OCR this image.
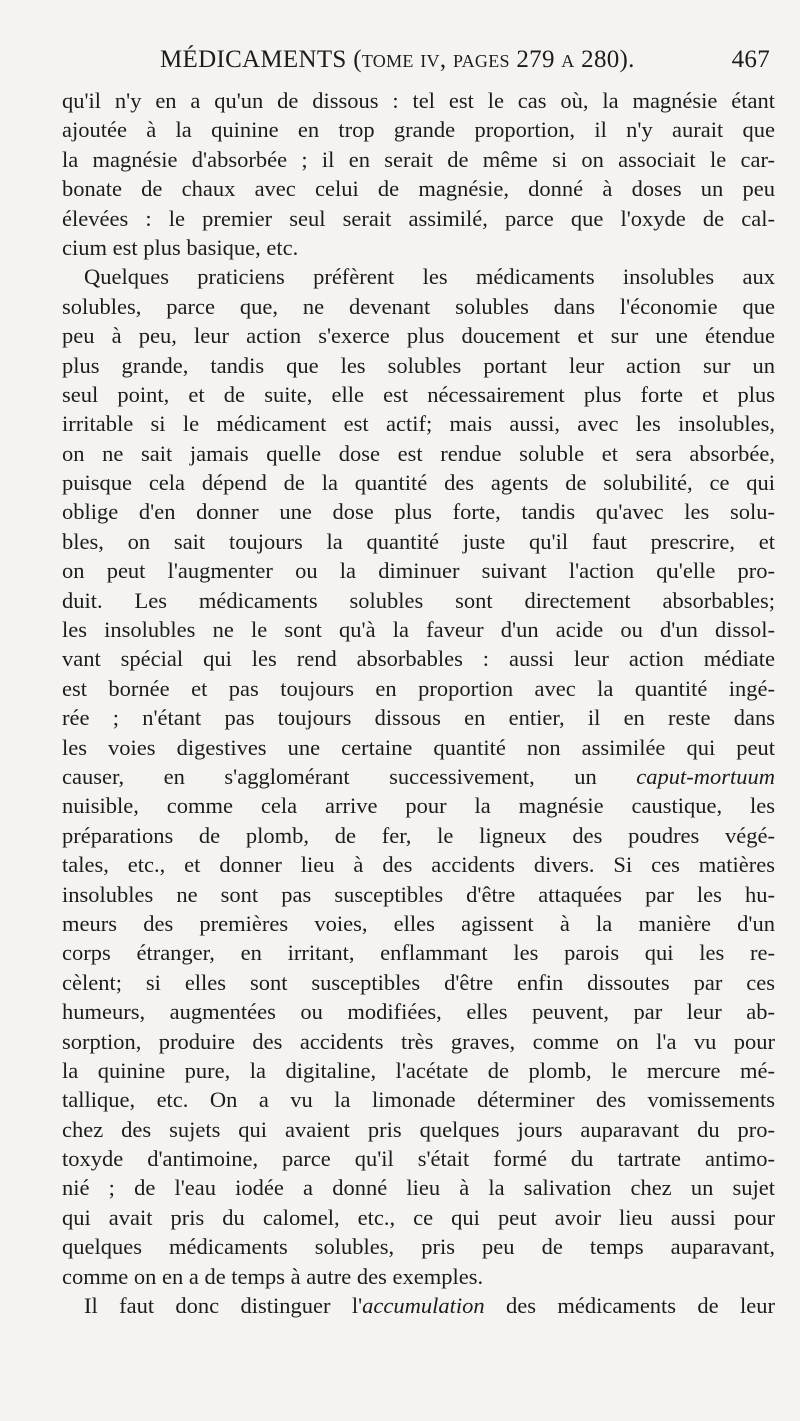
MÉDICAMENTS (tome iv, pages 279 a 280).	467
qu'il n'y en a qu'un de dissous : tel est le cas où, la magnésie étant
ajoutée à la quinine en trop grande proportion, il n'y aurait que
la magnésie d'absorbée ; il en serait de même si on associait le car-
bonate de chaux avec celui de magnésie, donné à doses un peu
élevées : le premier seul serait assimilé, parce que l'oxyde de cal-
cium est plus basique, etc.
Quelques praticiens préfèrent les médicaments insolubles aux
solubles, parce que, ne devenant solubles dans l'économie que
peu à peu, leur action s'exerce plus doucement et sur une étendue
plus grande, tandis que les solubles portant leur action sur un
seul point, et de suite, elle est nécessairement plus forte et plus
irritable si le médicament est actif; mais aussi, avec les insolubles,
on ne sait jamais quelle dose est rendue soluble et sera absorbée,
puisque cela dépend de la quantité des agents de solubilité, ce qui
oblige d'en donner une dose plus forte, tandis qu'avec les solu-
bles, on sait toujours la quantité juste qu'il faut prescrire, et
on peut l'augmenter ou la diminuer suivant l'action qu'elle pro-
duit. Les médicaments solubles sont directement absorbables;
les insolubles ne le sont qu'à la faveur d'un acide ou d'un dissol-
vant spécial qui les rend absorbables : aussi leur action médiate
est bornée et pas toujours en proportion avec la quantité ingé-
rée ; n'étant pas toujours dissous en entier, il en reste dans
les voies digestives une certaine quantité non assimilée qui peut
causer, en s'agglomérant successivement, un caput-mortuum
nuisible, comme cela arrive pour la magnésie caustique, les
préparations de plomb, de fer, le ligneux des poudres végé-
tales, etc., et donner lieu à des accidents divers. Si ces matières
insolubles ne sont pas susceptibles d'être attaquées par les hu-
meurs des premières voies, elles agissent à la manière d'un
corps étranger, en irritant, enflammant les parois qui les re-
cèlent; si elles sont susceptibles d'être enfin dissoutes par ces
humeurs, augmentées ou modifiées, elles peuvent, par leur ab-
sorption, produire des accidents très graves, comme on l'a vu pour
la quinine pure, la digitaline, l'acétate de plomb, le mercure mé-
tallique, etc. On a vu la limonade déterminer des vomissements
chez des sujets qui avaient pris quelques jours auparavant du pro-
toxyde d'antimoine, parce qu'il s'était formé du tartrate antimo-
nié ; de l'eau iodée a donné lieu à la salivation chez un sujet
qui avait pris du calomel, etc., ce qui peut avoir lieu aussi pour
quelques médicaments solubles, pris peu de temps auparavant,
comme on en a de temps à autre des exemples.
Il faut donc distinguer l'accumulation des médicaments de leur
